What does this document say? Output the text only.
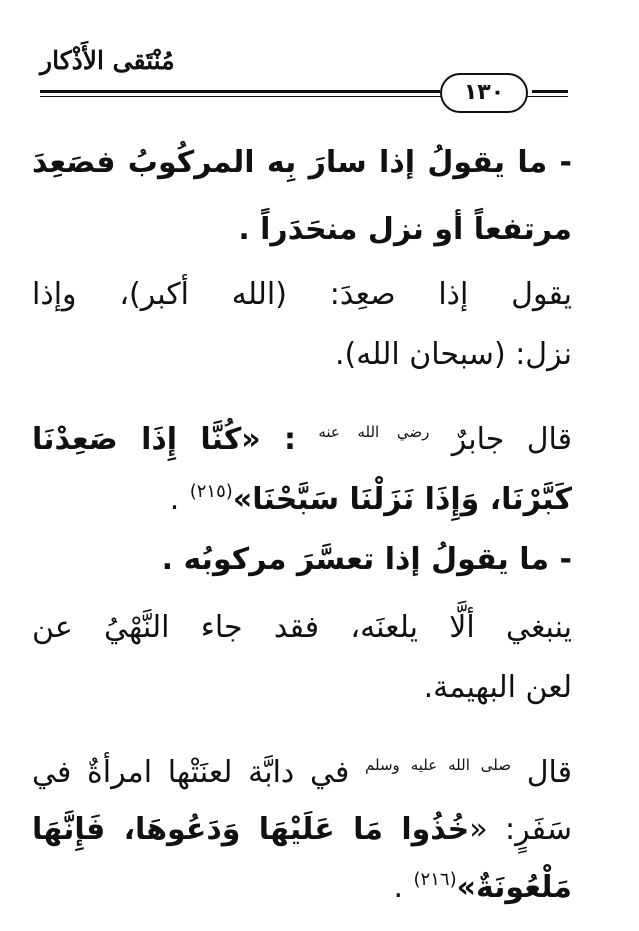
مُنْتَقى الأَذْكار
١٣٠
- ما يقولُ إذا سارَ بِه المركُوبُ فصَعِدَ
مرتفعاً أو نزل منحَدَراً .
يقول إذا صعِدَ: (الله أكبر)، وإذا
نزل: (سبحان الله).
قال جابرٌ $^{رضي الله عنه}$ : «كُنَّا إِذَا صَعِدْنَا
كَبَّرْنَا، وَإِذَا نَزَلْنَا سَبَّحْنَا»$^{(٢١٥)}$ .
- ما يقولُ إذا تعسَّرَ مركوبُه .
ينبغي ألَّا يلعنَه، فقد جاء النَّهْيُ عن
لعن البهيمة.
قال $^{صلى الله عليه وسلم}$ في دابَّة لعنَتْها امرأةٌ في
سَفَرٍ: «خُذُوا مَا عَلَيْهَا وَدَعُوهَا، فَإِنَّهَا
مَلْعُونَةٌ»$^{(٢١٦)}$ .
